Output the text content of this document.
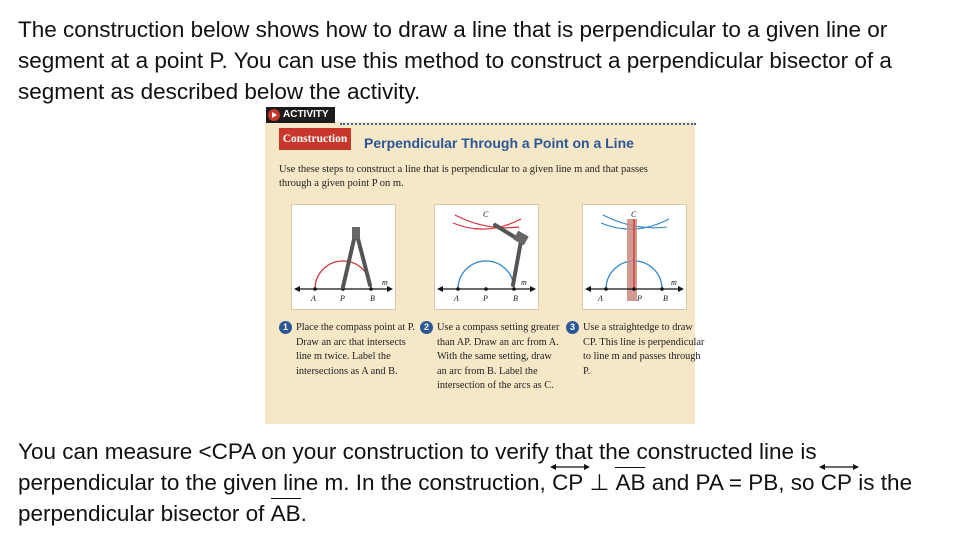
The construction below shows how to draw a line that is perpendicular to a given line or segment at a point P. You can use this method to construct a perpendicular bisector of a segment as described below the activity.
ACTIVITY
Construction Perpendicular Through a Point on a Line
Use these steps to construct a line that is perpendicular to a given line m and that passes through a given point P on m.
A	P	B
m
C
A	P	B
m
C
A	P	B
m
1 Place the compass point at P. Draw an arc that intersects line m twice. Label the intersections as A and B.
2 Use a compass setting greater than AP. Draw an arc from A. With the same setting, draw an arc from B. Label the intersection of the arcs as C.
3 Use a straightedge to draw CP. This line is perpendicular to line m and passes through P.
You can measure <CPA on your construction to verify that the constructed line is perpendicular to the given line m. In the construction,
CP ⊥
AB and PA = PB, so
CP is the perpendicular bisector of
AB.
